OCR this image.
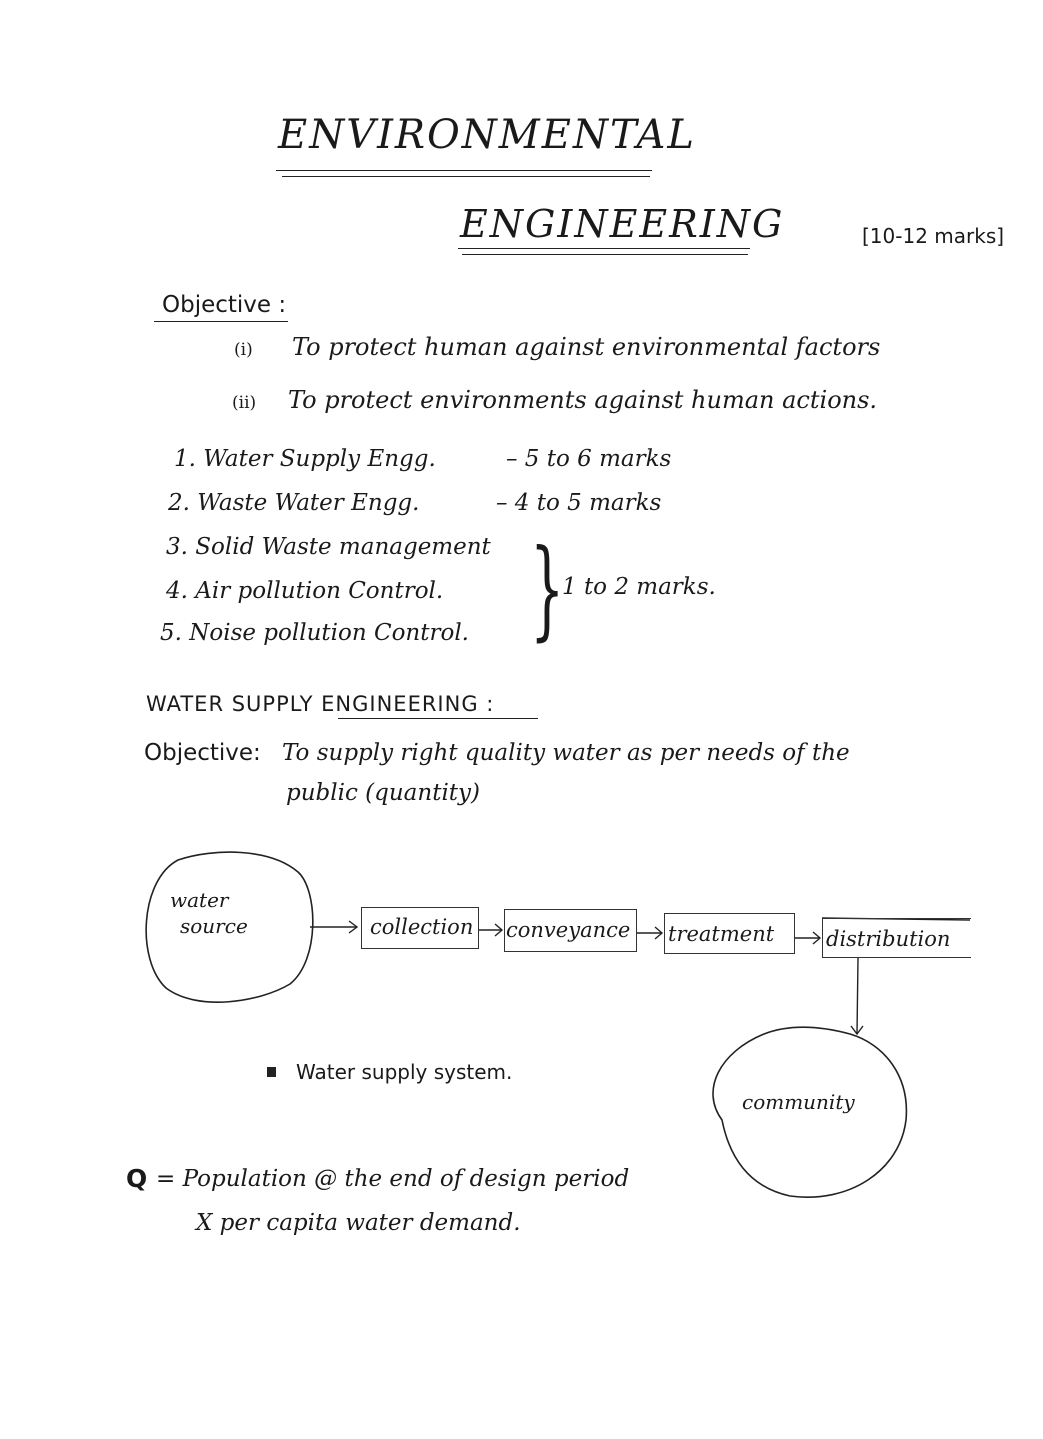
ENVIRONMENTAL
ENGINEERING	[10-12 marks]
Objective :
(i) To protect human against environmental factors
(ii) To protect environments against human actions.
1. Water Supply Engg.	– 5 to 6 marks
2. Waste Water Engg.	– 4 to 5 marks
3. Solid Waste management
4. Air pollution Control.
5. Noise pollution Control. }
1 to 2 marks.
WATER SUPPLY ENGINEERING :
Objective: To supply right quality water as per needs of the
public (quantity)
collection conveyance treatment distribution
water
source
community
Water supply system.
Q = Population @ the end of design period
X per capita water demand.
